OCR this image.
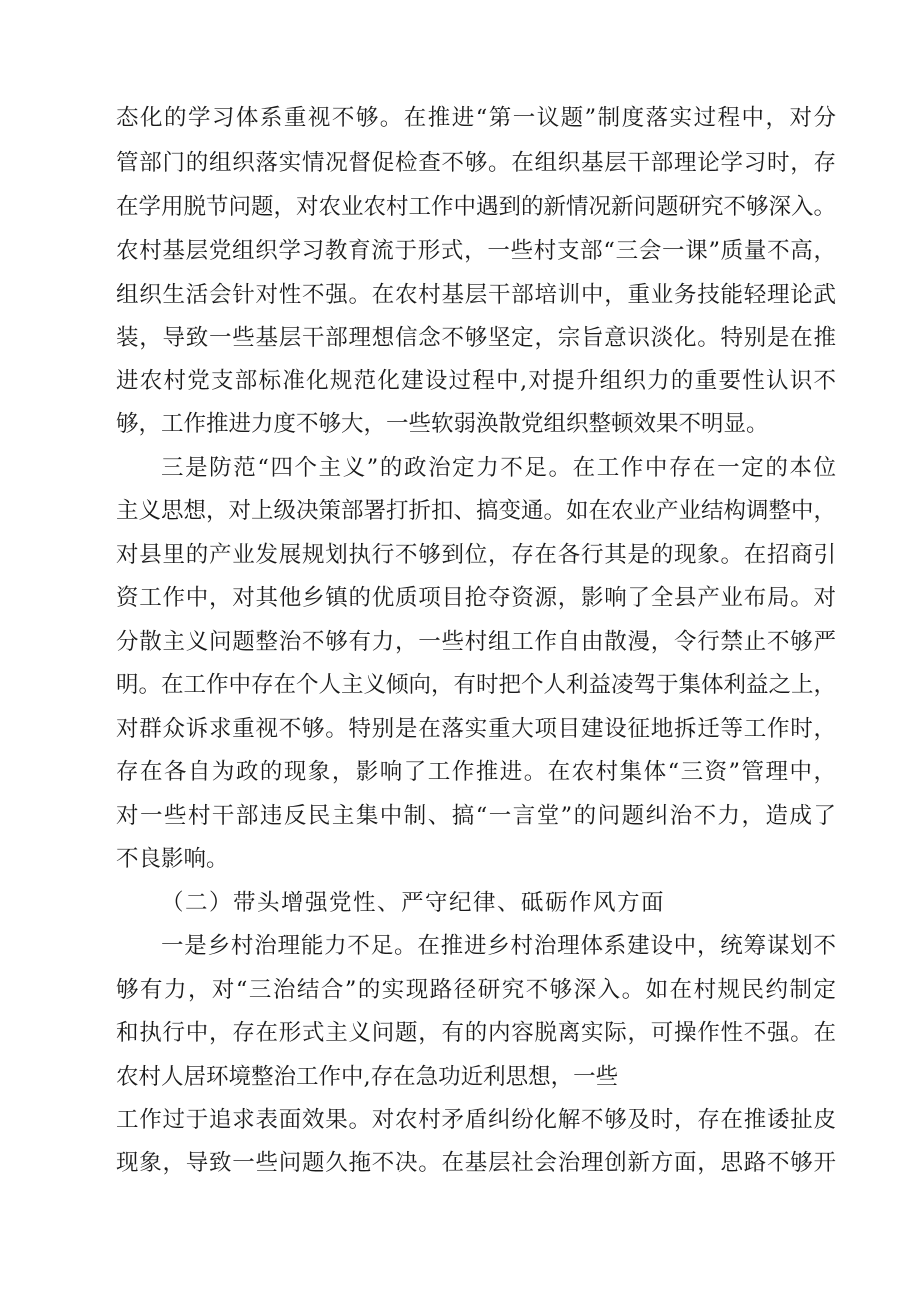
态化的学习体系重视不够。在推进“第一议题”制度落实过程中，对分
管部门的组织落实情况督促检查不够。在组织基层干部理论学习时，存
在学用脱节问题，对农业农村工作中遇到的新情况新问题研究不够深入。
农村基层党组织学习教育流于形式，一些村支部“三会一课”质量不高，
组织生活会针对性不强。在农村基层干部培训中，重业务技能轻理论武
装，导致一些基层干部理想信念不够坚定，宗旨意识淡化。特别是在推
进农村党支部标准化规范化建设过程中,对提升组织力的重要性认识不
够，工作推进力度不够大，一些软弱涣散党组织整顿效果不明显。
三是防范“四个主义”的政治定力不足。在工作中存在一定的本位
主义思想，对上级决策部署打折扣、搞变通。如在农业产业结构调整中，
对县里的产业发展规划执行不够到位，存在各行其是的现象。在招商引
资工作中，对其他乡镇的优质项目抢夺资源，影响了全县产业布局。对
分散主义问题整治不够有力，一些村组工作自由散漫，令行禁止不够严
明。在工作中存在个人主义倾向，有时把个人利益凌驾于集体利益之上，
对群众诉求重视不够。特别是在落实重大项目建设征地拆迁等工作时，
存在各自为政的现象，影响了工作推进。在农村集体“三资”管理中，
对一些村干部违反民主集中制、搞“一言堂”的问题纠治不力，造成了
不良影响。
（二）带头增强党性、严守纪律、砥砺作风方面
一是乡村治理能力不足。在推进乡村治理体系建设中，统筹谋划不
够有力，对“三治结合”的实现路径研究不够深入。如在村规民约制定
和执行中，存在形式主义问题，有的内容脱离实际，可操作性不强。在
农村人居环境整治工作中,存在急功近利思想，一些
工作过于追求表面效果。对农村矛盾纠纷化解不够及时，存在推诿扯皮
现象，导致一些问题久拖不决。在基层社会治理创新方面，思路不够开
